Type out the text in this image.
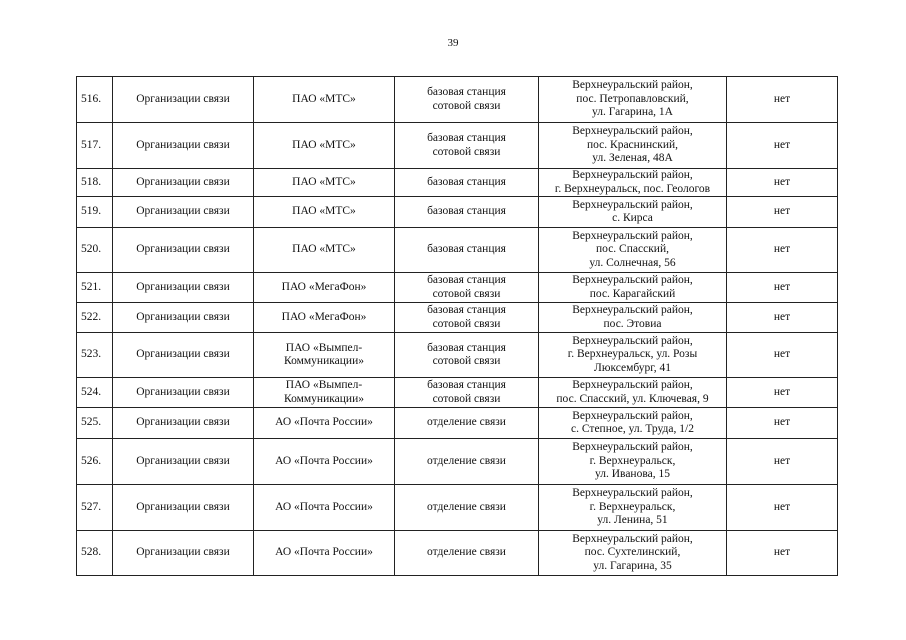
39
516.	Организации связи	ПАО «МТС»	базовая станция
сотовой связи	Верхнеуральский район,
пос. Петропавловский,
ул. Гагарина, 1А	нет
517.	Организации связи	ПАО «МТС»	базовая станция
сотовой связи	Верхнеуральский район,
пос. Краснинский,
ул. Зеленая, 48А	нет
518.	Организации связи	ПАО «МТС»	базовая станция	Верхнеуральский район,
г. Верхнеуральск, пос. Геологов	нет
519.	Организации связи	ПАО «МТС»	базовая станция	Верхнеуральский район,
с. Кирса	нет
520.	Организации связи	ПАО «МТС»	базовая станция	Верхнеуральский район,
пос. Спасский,
ул. Солнечная, 56	нет
521.	Организации связи	ПАО «МегаФон»	базовая станция
сотовой связи	Верхнеуральский район,
пос. Карагайский	нет
522.	Организации связи	ПАО «МегаФон»	базовая станция
сотовой связи	Верхнеуральский район,
пос. Этовиа	нет
523.	Организации связи	ПАО «Вымпел-
Коммуникации»	базовая станция
сотовой связи	Верхнеуральский район,
г. Верхнеуральск, ул. Розы
Люксембург, 41	нет
524.	Организации связи	ПАО «Вымпел-
Коммуникации»	базовая станция
сотовой связи	Верхнеуральский район,
пос. Спасский, ул. Ключевая, 9	нет
525.	Организации связи	АО «Почта России»	отделение связи	Верхнеуральский район,
с. Степное, ул. Труда, 1/2	нет
526.	Организации связи	АО «Почта России»	отделение связи	Верхнеуральский район,
г. Верхнеуральск,
ул. Иванова, 15	нет
527.	Организации связи	АО «Почта России»	отделение связи	Верхнеуральский район,
г. Верхнеуральск,
ул. Ленина, 51	нет
528.	Организации связи	АО «Почта России»	отделение связи	Верхнеуральский район,
пос. Сухтелинский,
ул. Гагарина, 35	нет
